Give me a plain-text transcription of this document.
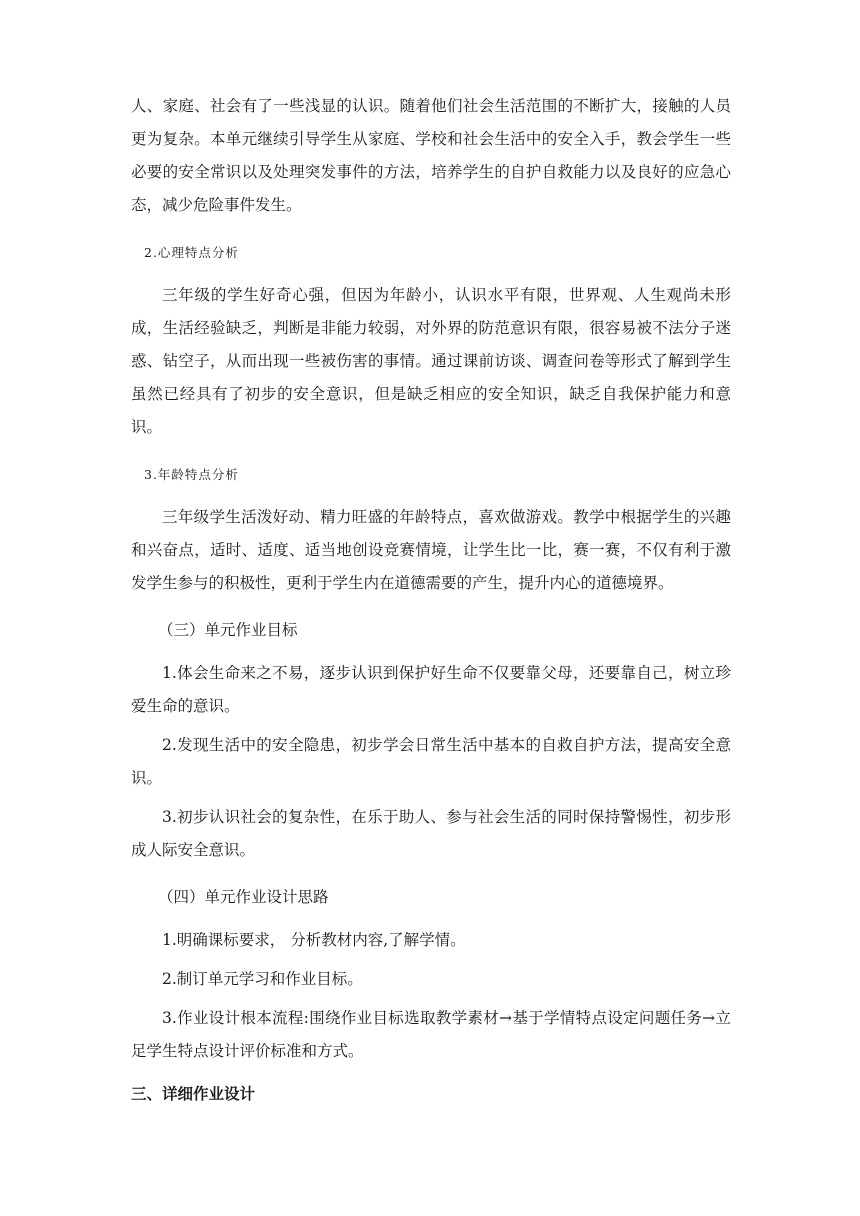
人、家庭、社会有了一些浅显的认识。随着他们社会生活范围的不断扩大，接触的人员更为复杂。本单元继续引导学生从家庭、学校和社会生活中的安全入手，教会学生一些必要的安全常识以及处理突发事件的方法，培养学生的自护自救能力以及良好的应急心态，减少危险事件发生。

2.心理特点分析

三年级的学生好奇心强，但因为年龄小，认识水平有限，世界观、人生观尚未形成，生活经验缺乏，判断是非能力较弱，对外界的防范意识有限，很容易被不法分子迷惑、钻空子，从而出现一些被伤害的事情。通过课前访谈、调查问卷等形式了解到学生虽然已经具有了初步的安全意识，但是缺乏相应的安全知识，缺乏自我保护能力和意识。

3.年龄特点分析

三年级学生活泼好动、精力旺盛的年龄特点，喜欢做游戏。教学中根据学生的兴趣和兴奋点，适时、适度、适当地创设竞赛情境，让学生比一比，赛一赛，不仅有利于激发学生参与的积极性，更利于学生内在道德需要的产生，提升内心的道德境界。

（三）单元作业目标

1.体会生命来之不易，逐步认识到保护好生命不仅要靠父母，还要靠自己，树立珍爱生命的意识。

2.发现生活中的安全隐患，初步学会日常生活中基本的自救自护方法，提高安全意识。

3.初步认识社会的复杂性，在乐于助人、参与社会生活的同时保持警惕性，初步形成人际安全意识。

（四）单元作业设计思路

1.明确课标要求， 分析教材内容,了解学情。

2.制订单元学习和作业目标。

3.作业设计根本流程:围绕作业目标选取教学素材→基于学情特点设定问题任务→立足学生特点设计评价标准和方式。

三、详细作业设计
